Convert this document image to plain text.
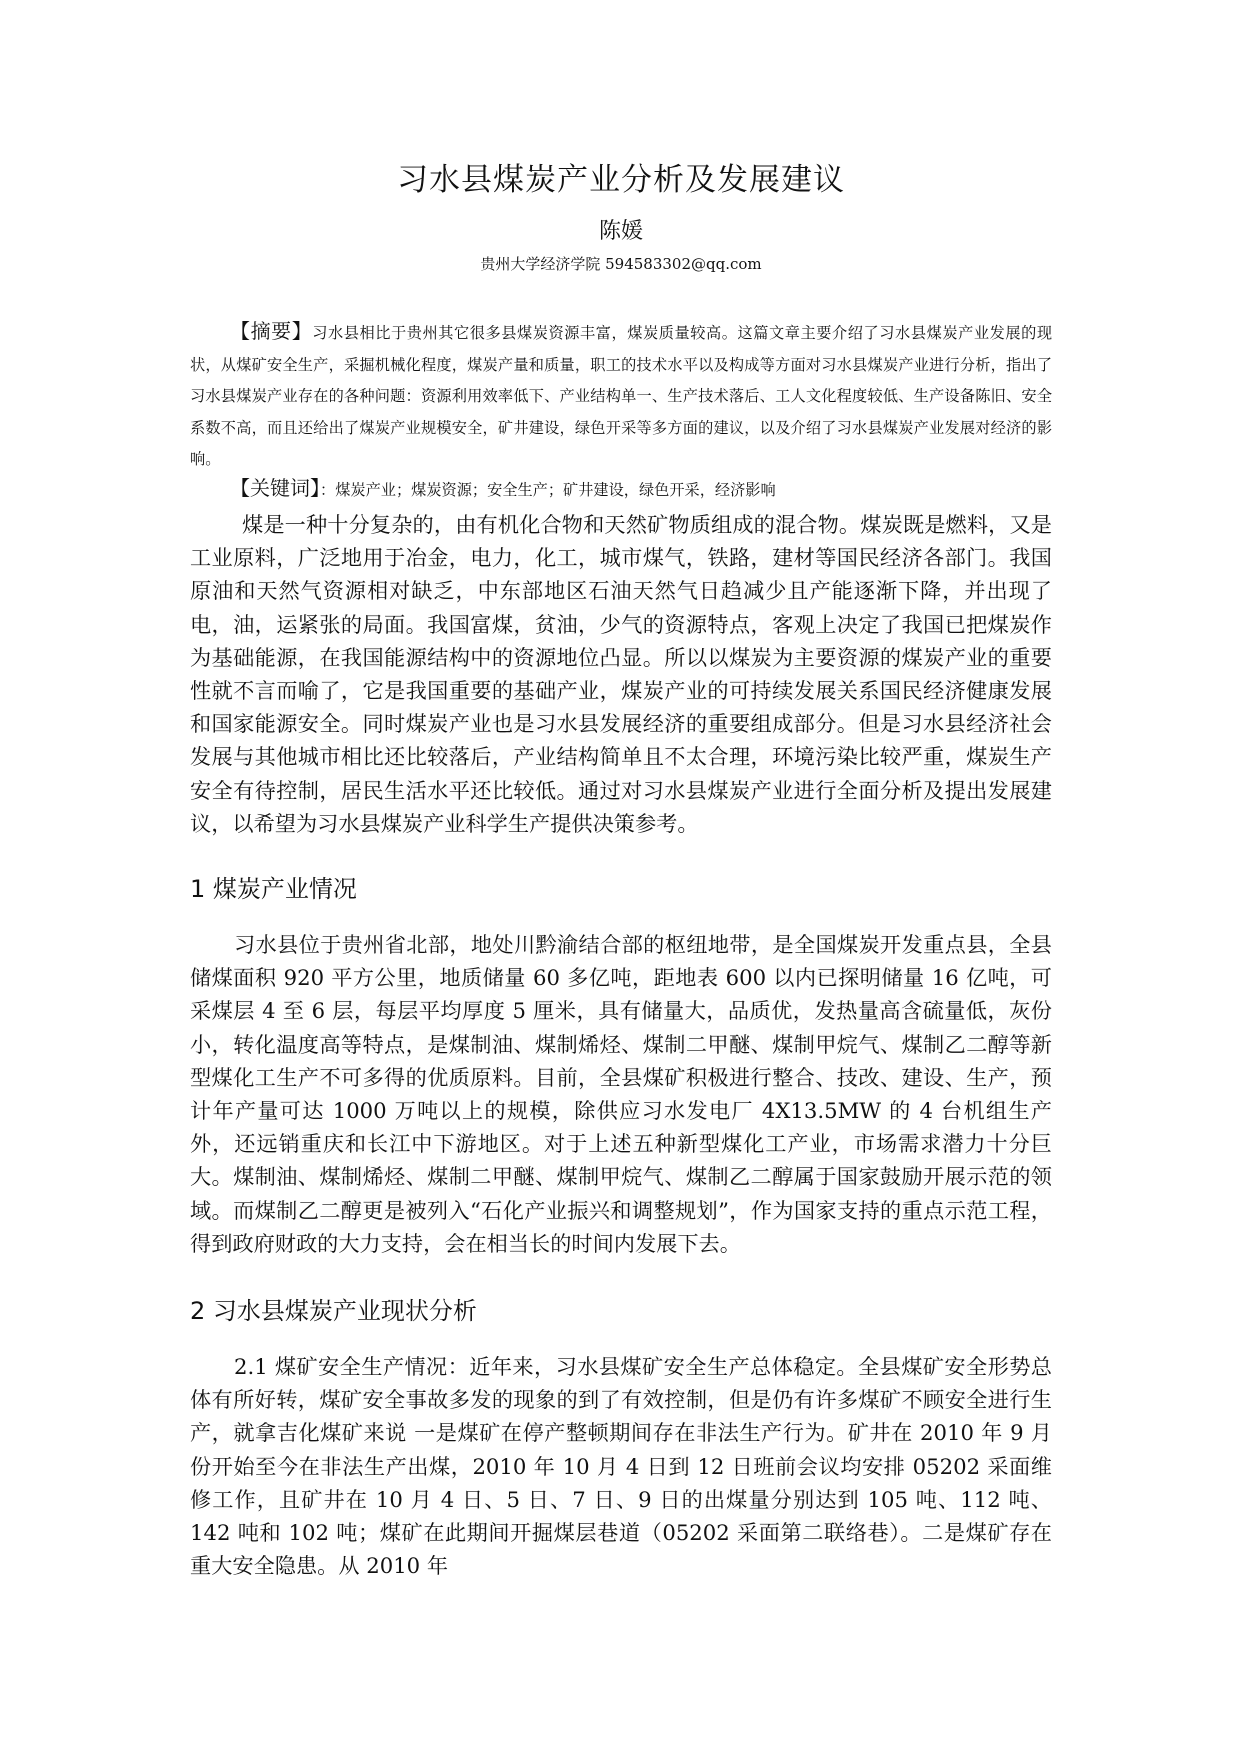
习水县煤炭产业分析及发展建议
陈媛
贵州大学经济学院 594583302@qq.com
【摘要】习水县相比于贵州其它很多县煤炭资源丰富，煤炭质量较高。这篇文章主要介绍了习水县煤炭产业发展的现状，从煤矿安全生产，采掘机械化程度，煤炭产量和质量，职工的技术水平以及构成等方面对习水县煤炭产业进行分析，指出了习水县煤炭产业存在的各种问题：资源利用效率低下、产业结构单一、生产技术落后、工人文化程度较低、生产设备陈旧、安全系数不高，而且还给出了煤炭产业规模安全，矿井建设，绿色开采等多方面的建议，以及介绍了习水县煤炭产业发展对经济的影响。
【关键词】：煤炭产业；煤炭资源；安全生产；矿井建设，绿色开采，经济影响
煤是一种十分复杂的，由有机化合物和天然矿物质组成的混合物。煤炭既是燃料，又是工业原料，广泛地用于冶金，电力，化工，城市煤气，铁路，建材等国民经济各部门。我国原油和天然气资源相对缺乏，中东部地区石油天然气日趋减少且产能逐渐下降，并出现了电，油，运紧张的局面。我国富煤，贫油，少气的资源特点，客观上决定了我国已把煤炭作为基础能源，在我国能源结构中的资源地位凸显。所以以煤炭为主要资源的煤炭产业的重要性就不言而喻了，它是我国重要的基础产业，煤炭产业的可持续发展关系国民经济健康发展和国家能源安全。同时煤炭产业也是习水县发展经济的重要组成部分。但是习水县经济社会发展与其他城市相比还比较落后，产业结构简单且不太合理，环境污染比较严重，煤炭生产安全有待控制，居民生活水平还比较低。通过对习水县煤炭产业进行全面分析及提出发展建议，以希望为习水县煤炭产业科学生产提供决策参考。
1 煤炭产业情况
习水县位于贵州省北部，地处川黔渝结合部的枢纽地带，是全国煤炭开发重点县，全县储煤面积 920 平方公里，地质储量 60 多亿吨，距地表 600 以内已探明储量 16 亿吨，可采煤层 4 至 6 层，每层平均厚度 5 厘米，具有储量大，品质优，发热量高含硫量低，灰份小，转化温度高等特点，是煤制油、煤制烯烃、煤制二甲醚、煤制甲烷气、煤制乙二醇等新型煤化工生产不可多得的优质原料。目前，全县煤矿积极进行整合、技改、建设、生产，预计年产量可达 1000 万吨以上的规模，除供应习水发电厂 4X13.5MW 的 4 台机组生产外，还远销重庆和长江中下游地区。对于上述五种新型煤化工产业，市场需求潜力十分巨大。煤制油、煤制烯烃、煤制二甲醚、煤制甲烷气、煤制乙二醇属于国家鼓励开展示范的领域。而煤制乙二醇更是被列入“石化产业振兴和调整规划”，作为国家支持的重点示范工程，得到政府财政的大力支持，会在相当长的时间内发展下去。
2 习水县煤炭产业现状分析
2.1 煤矿安全生产情况：近年来，习水县煤矿安全生产总体稳定。全县煤矿安全形势总体有所好转，煤矿安全事故多发的现象的到了有效控制，但是仍有许多煤矿不顾安全进行生产，就拿吉化煤矿来说 一是煤矿在停产整顿期间存在非法生产行为。矿井在 2010 年 9 月份开始至今在非法生产出煤，2010 年 10 月 4 日到 12 日班前会议均安排 05202 采面维修工作，且矿井在 10 月 4 日、5 日、7 日、9 日的出煤量分别达到 105 吨、112 吨、142 吨和 102 吨；煤矿在此期间开掘煤层巷道（05202 采面第二联络巷）。二是煤矿存在重大安全隐患。从 2010 年
